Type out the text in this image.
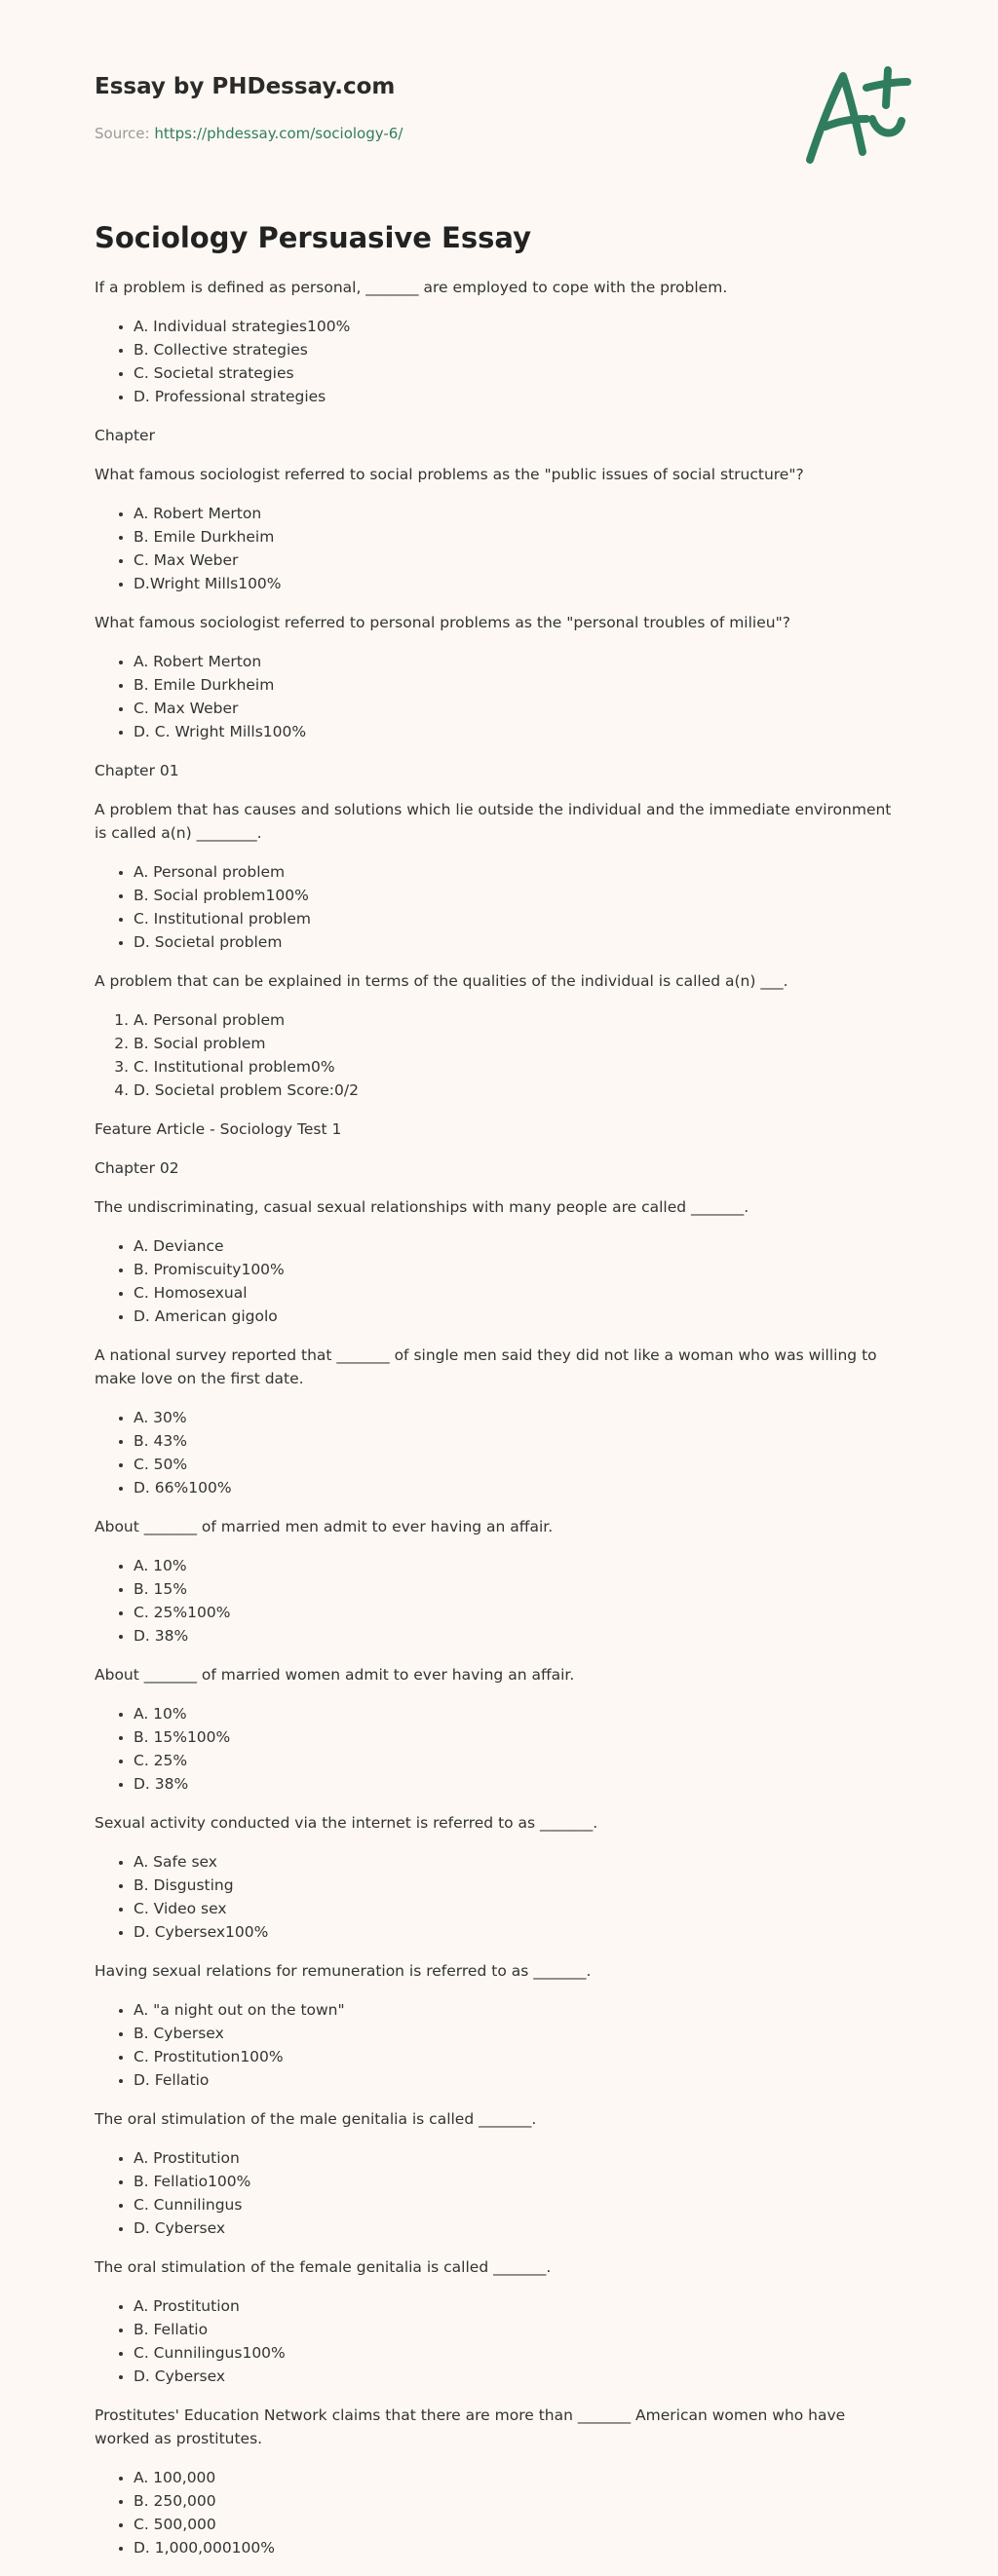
Essay by PHDessay.com
Source: https://phdessay.com/sociology-6/
Sociology Persuasive Essay

If a problem is defined as personal, _______ are employed to cope with the problem.

• A. Individual strategies100%
• B. Collective strategies
• C. Societal strategies
• D. Professional strategies

Chapter

What famous sociologist referred to social problems as the "public issues of social structure"?

• A. Robert Merton
• B. Emile Durkheim
• C. Max Weber
• D.Wright Mills100%

What famous sociologist referred to personal problems as the "personal troubles of milieu"?

• A. Robert Merton
• B. Emile Durkheim
• C. Max Weber
• D. C. Wright Mills100%

Chapter 01

A problem that has causes and solutions which lie outside the individual and the immediate environment is called a(n) ________.

• A. Personal problem
• B. Social problem100%
• C. Institutional problem
• D. Societal problem

A problem that can be explained in terms of the qualities of the individual is called a(n) ___.

1. A. Personal problem
2. B. Social problem
3. C. Institutional problem0%
4. D. Societal problem Score:0/2

Feature Article - Sociology Test 1

Chapter 02

The undiscriminating, casual sexual relationships with many people are called _______.

• A. Deviance
• B. Promiscuity100%
• C. Homosexual
• D. American gigolo

A national survey reported that _______ of single men said they did not like a woman who was willing to make love on the first date.

• A. 30%
• B. 43%
• C. 50%
• D. 66%100%

About _______ of married men admit to ever having an affair.

• A. 10%
• B. 15%
• C. 25%100%
• D. 38%

About _______ of married women admit to ever having an affair.

• A. 10%
• B. 15%100%
• C. 25%
• D. 38%

Sexual activity conducted via the internet is referred to as _______.

• A. Safe sex
• B. Disgusting
• C. Video sex
• D. Cybersex100%

Having sexual relations for remuneration is referred to as _______.

• A. "a night out on the town"
• B. Cybersex
• C. Prostitution100%
• D. Fellatio

The oral stimulation of the male genitalia is called _______.

• A. Prostitution
• B. Fellatio100%
• C. Cunnilingus
• D. Cybersex

The oral stimulation of the female genitalia is called _______.

• A. Prostitution
• B. Fellatio
• C. Cunnilingus100%
• D. Cybersex

Prostitutes' Education Network claims that there are more than _______ American women who have worked as prostitutes.

• A. 100,000
• B. 250,000
• C. 500,000
• D. 1,000,000100%
